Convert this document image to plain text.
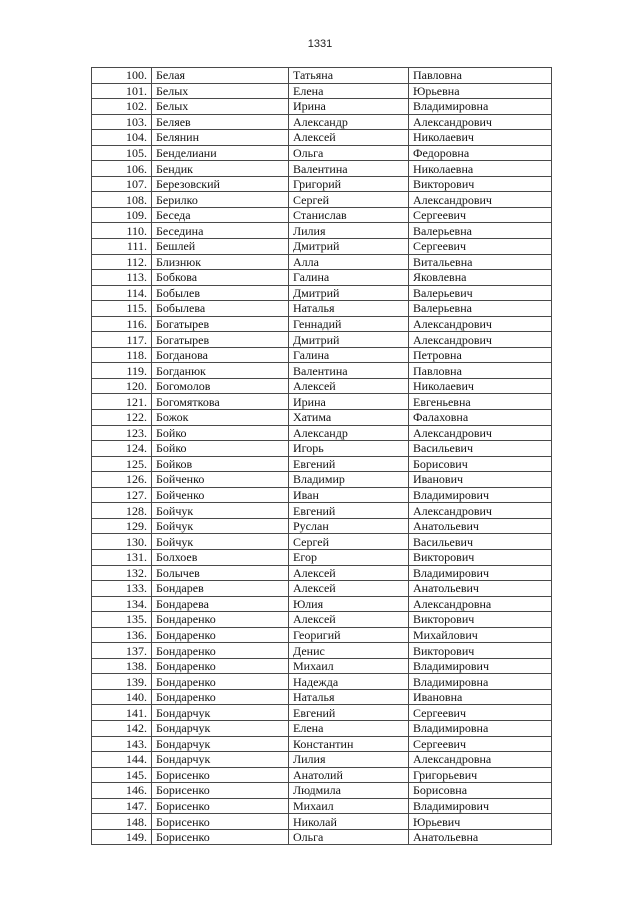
1331
100.	Белая	Татьяна	Павловна
101.	Белых	Елена	Юрьевна
102.	Белых	Ирина	Владимировна
103.	Беляев	Александр	Александрович
104.	Белянин	Алексей	Николаевич
105.	Бенделиани	Ольга	Федоровна
106.	Бендик	Валентина	Николаевна
107.	Березовский	Григорий	Викторович
108.	Берилко	Сергей	Александрович
109.	Беседа	Станислав	Сергеевич
110.	Беседина	Лилия	Валерьевна
111.	Бешлей	Дмитрий	Сергеевич
112.	Близнюк	Алла	Витальевна
113.	Бобкова	Галина	Яковлевна
114.	Бобылев	Дмитрий	Валерьевич
115.	Бобылева	Наталья	Валерьевна
116.	Богатырев	Геннадий	Александрович
117.	Богатырев	Дмитрий	Александрович
118.	Богданова	Галина	Петровна
119.	Богданюк	Валентина	Павловна
120.	Богомолов	Алексей	Николаевич
121.	Богомяткова	Ирина	Евгеньевна
122.	Божок	Хатима	Фалаховна
123.	Бойко	Александр	Александрович
124.	Бойко	Игорь	Васильевич
125.	Бойков	Евгений	Борисович
126.	Бойченко	Владимир	Иванович
127.	Бойченко	Иван	Владимирович
128.	Бойчук	Евгений	Александрович
129.	Бойчук	Руслан	Анатольевич
130.	Бойчук	Сергей	Васильевич
131.	Болхоев	Егор	Викторович
132.	Болычев	Алексей	Владимирович
133.	Бондарев	Алексей	Анатольевич
134.	Бондарева	Юлия	Александровна
135.	Бондаренко	Алексей	Викторович
136.	Бондаренко	Георигий	Михайлович
137.	Бондаренко	Денис	Викторович
138.	Бондаренко	Михаил	Владимирович
139.	Бондаренко	Надежда	Владимировна
140.	Бондаренко	Наталья	Ивановна
141.	Бондарчук	Евгений	Сергеевич
142.	Бондарчук	Елена	Владимировна
143.	Бондарчук	Константин	Сергеевич
144.	Бондарчук	Лилия	Александровна
145.	Борисенко	Анатолий	Григорьевич
146.	Борисенко	Людмила	Борисовна
147.	Борисенко	Михаил	Владимирович
148.	Борисенко	Николай	Юрьевич
149.	Борисенко	Ольга	Анатольевна
